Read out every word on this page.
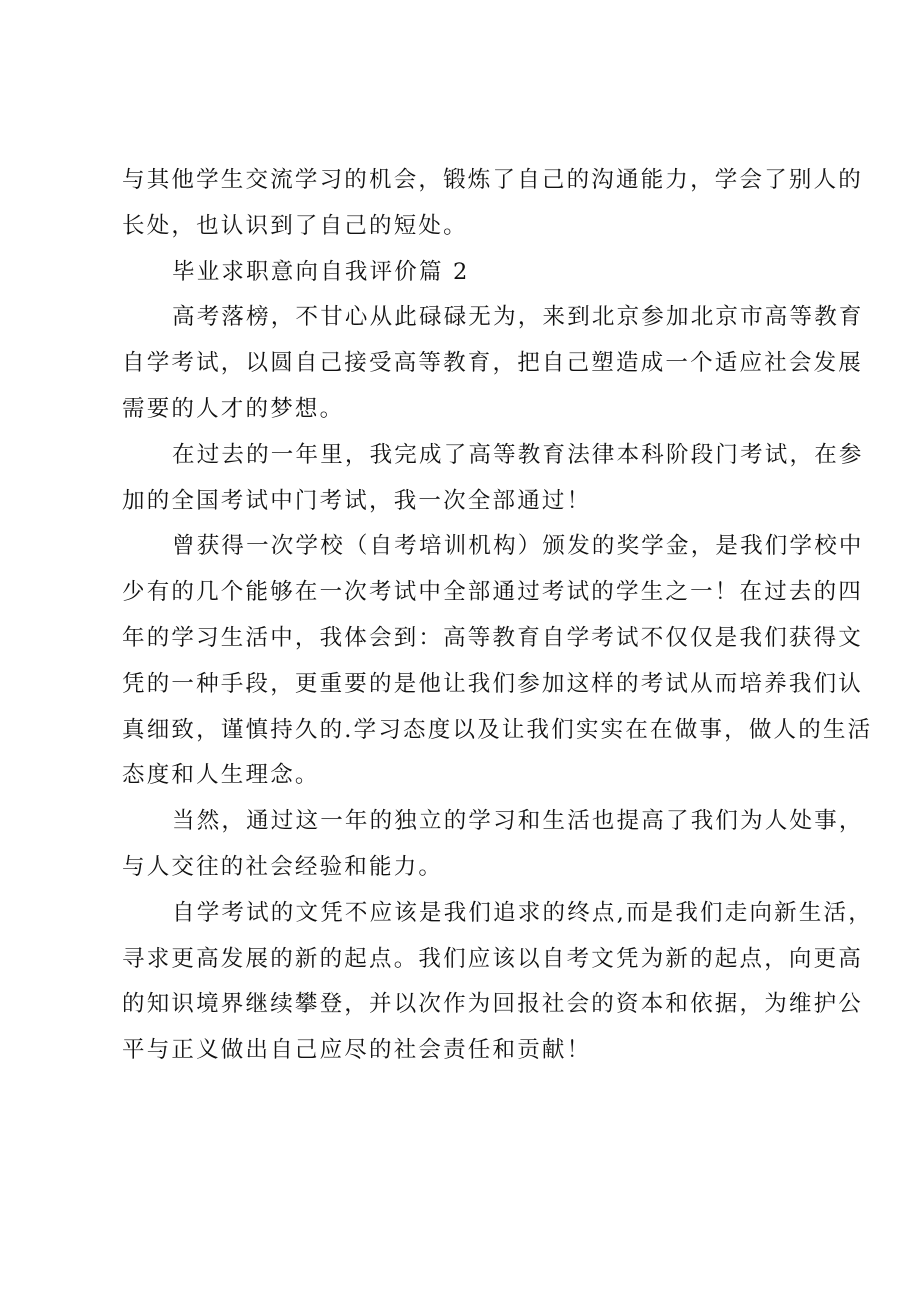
与其他学生交流学习的机会，锻炼了自己的沟通能力，学会了别人的
长处，也认识到了自己的短处。

毕业求职意向自我评价篇 2

高考落榜，不甘心从此碌碌无为，来到北京参加北京市高等教育
自学考试，以圆自己接受高等教育，把自己塑造成一个适应社会发展
需要的人才的梦想。

在过去的一年里，我完成了高等教育法律本科阶段门考试，在参
加的全国考试中门考试，我一次全部通过！

曾获得一次学校（自考培训机构）颁发的奖学金，是我们学校中
少有的几个能够在一次考试中全部通过考试的学生之一！在过去的四
年的学习生活中，我体会到：高等教育自学考试不仅仅是我们获得文
凭的一种手段，更重要的是他让我们参加这样的考试从而培养我们认
真细致，谨慎持久的.学习态度以及让我们实实在在做事，做人的生活
态度和人生理念。

当然，通过这一年的独立的学习和生活也提高了我们为人处事，
与人交往的社会经验和能力。

自学考试的文凭不应该是我们追求的终点,而是我们走向新生活，
寻求更高发展的新的起点。我们应该以自考文凭为新的起点，向更高
的知识境界继续攀登，并以次作为回报社会的资本和依据，为维护公
平与正义做出自己应尽的社会责任和贡献！
